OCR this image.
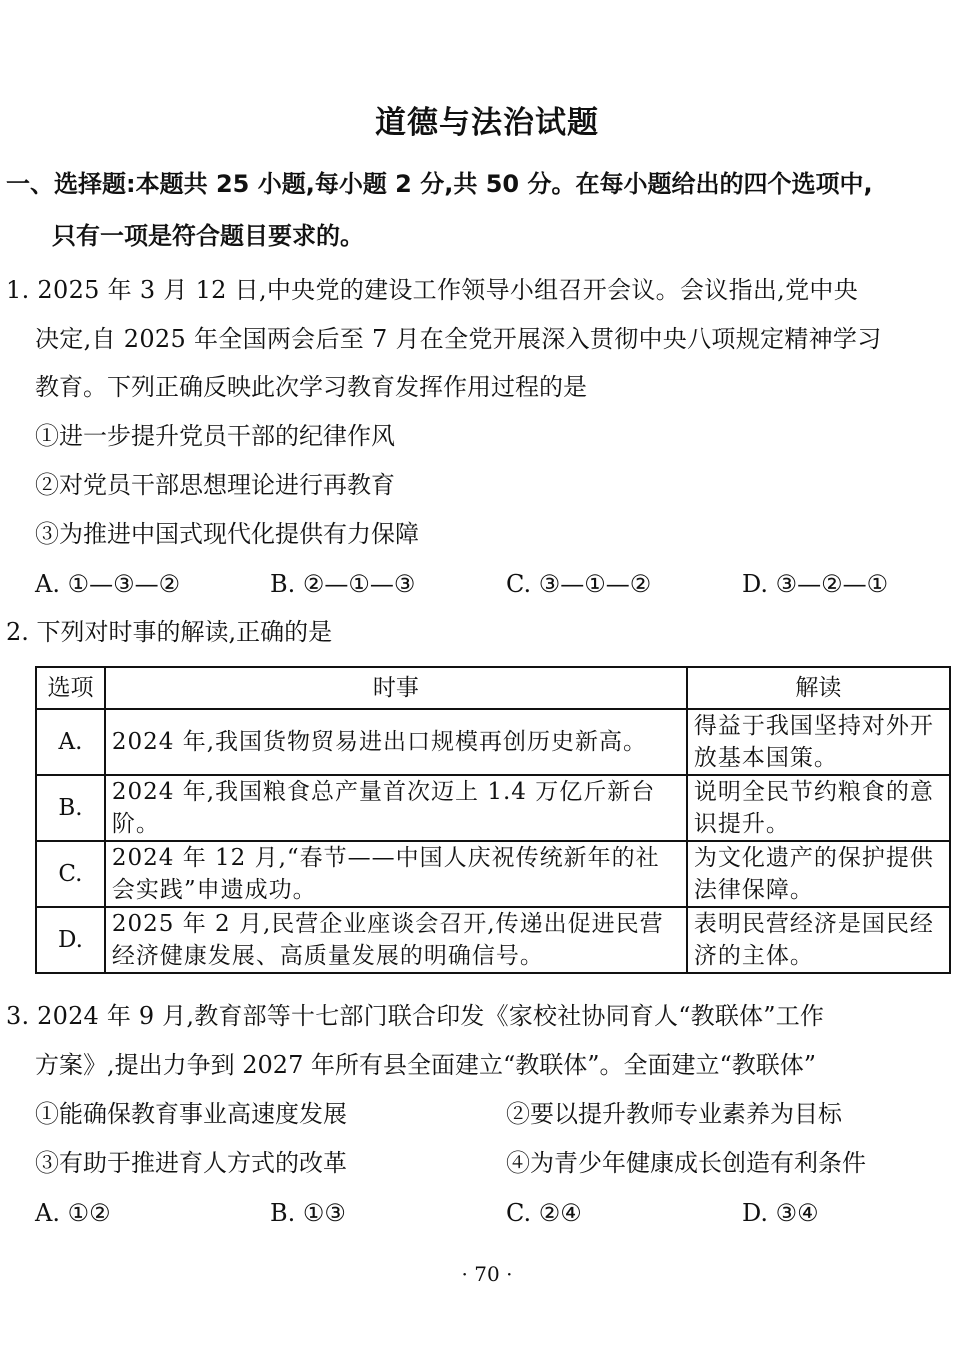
道德与法治试题
一、选择题:本题共 25 小题,每小题 2 分,共 50 分。在每小题给出的四个选项中,
只有一项是符合题目要求的。
1. 2025 年 3 月 12 日,中央党的建设工作领导小组召开会议。会议指出,党中央
决定,自 2025 年全国两会后至 7 月在全党开展深入贯彻中央八项规定精神学习
教育。下列正确反映此次学习教育发挥作用过程的是
①进一步提升党员干部的纪律作风
②对党员干部思想理论进行再教育
③为推进中国式现代化提供有力保障
A. ①—③—②	B. ②—①—③	C. ③—①—②	D. ③—②—①
2. 下列对时事的解读,正确的是
选项	时事	解读
A.	2024 年,我国货物贸易进出口规模再创历史新高。	得益于我国坚持对外开放基本国策。
B.	2024 年,我国粮食总产量首次迈上 1.4 万亿斤新台阶。	说明全民节约粮食的意识提升。
C.	2024 年 12 月,“春节——中国人庆祝传统新年的社会实践”申遗成功。	为文化遗产的保护提供法律保障。
D.	2025 年 2 月,民营企业座谈会召开,传递出促进民营经济健康发展、高质量发展的明确信号。	表明民营经济是国民经济的主体。
3. 2024 年 9 月,教育部等十七部门联合印发《家校社协同育人“教联体”工作
方案》,提出力争到 2027 年所有县全面建立“教联体”。全面建立“教联体”
①能确保教育事业高速度发展	②要以提升教师专业素养为目标
③有助于推进育人方式的改革	④为青少年健康成长创造有利条件
A. ①②	B. ①③	C. ②④	D. ③④
· 70 ·
